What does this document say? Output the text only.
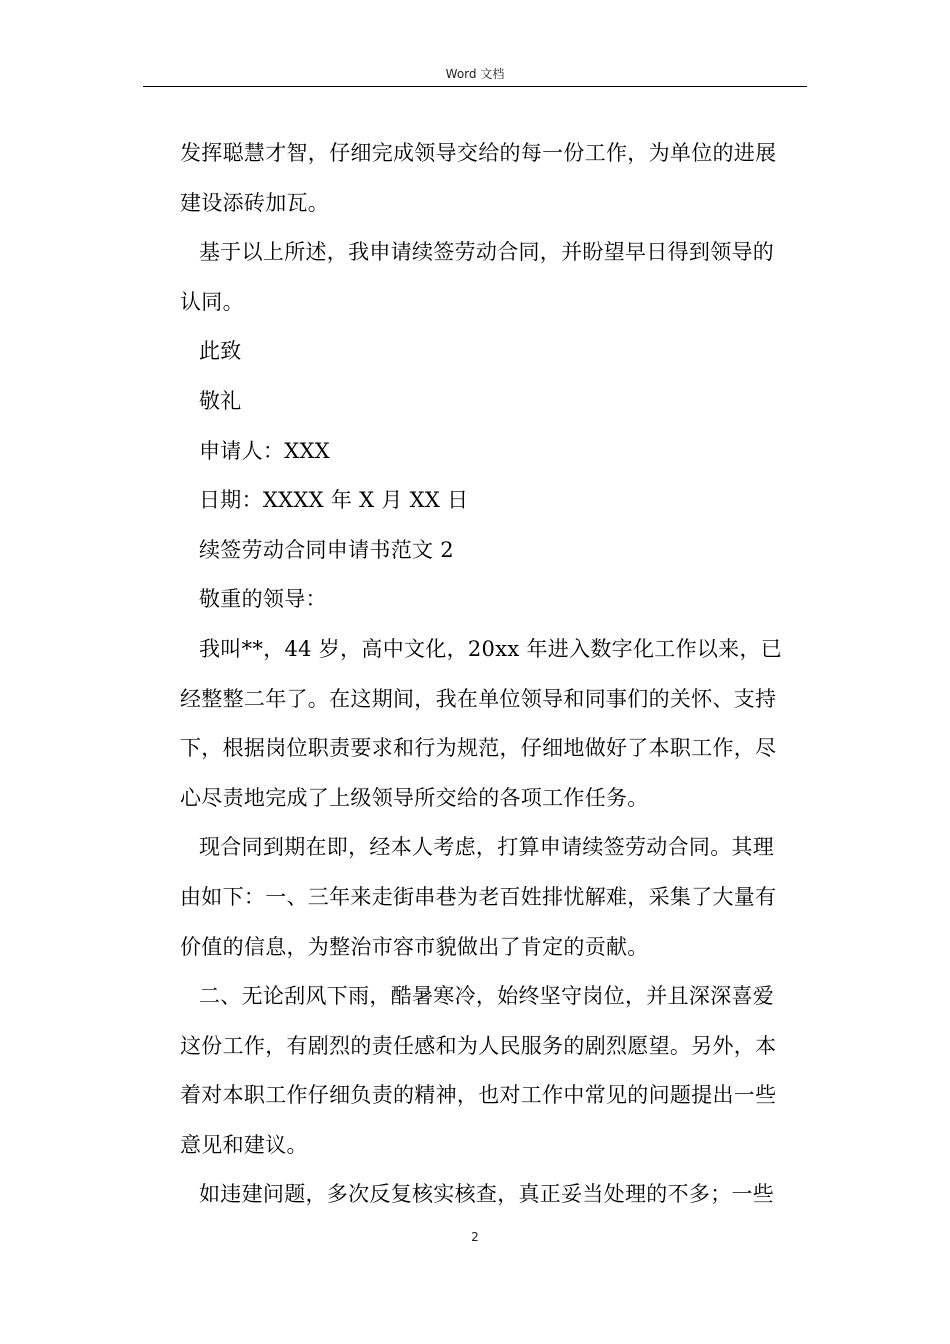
Word 文档

发挥聪慧才智，仔细完成领导交给的每一份工作，为单位的进展

建设添砖加瓦。

基于以上所述，我申请续签劳动合同，并盼望早日得到领导的

认同。

此致

敬礼

申请人：XXX

日期：XXXX 年 X 月 XX 日

续签劳动合同申请书范文 2

敬重的领导：

我叫**，44 岁，高中文化，20xx 年进入数字化工作以来，已

经整整二年了。在这期间，我在单位领导和同事们的关怀、支持

下，根据岗位职责要求和行为规范，仔细地做好了本职工作，尽

心尽责地完成了上级领导所交给的各项工作任务。

现合同到期在即，经本人考虑，打算申请续签劳动合同。其理

由如下：一、三年来走街串巷为老百姓排忧解难，采集了大量有

价值的信息，为整治市容市貌做出了肯定的贡献。

二、无论刮风下雨，酷暑寒冷，始终坚守岗位，并且深深喜爱

这份工作，有剧烈的责任感和为人民服务的剧烈愿望。另外，本

着对本职工作仔细负责的精神，也对工作中常见的问题提出一些

意见和建议。

如违建问题，多次反复核实核查，真正妥当处理的不多；一些

2
